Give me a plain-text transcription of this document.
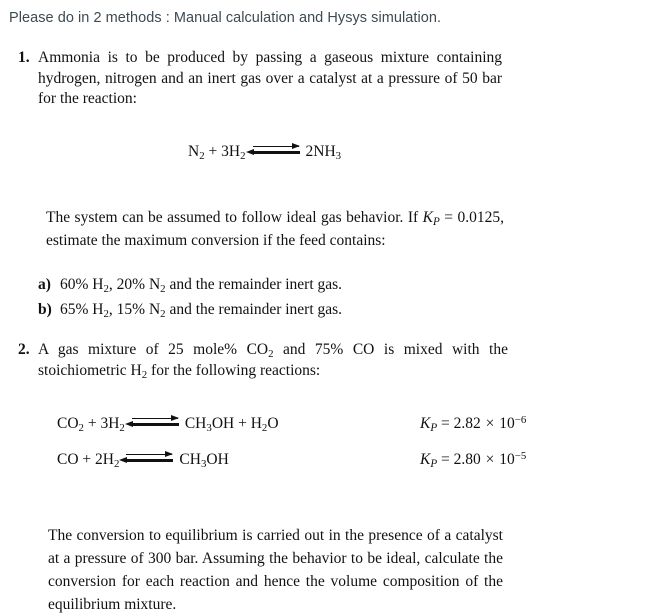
Please do in 2 methods : Manual calculation and Hysys simulation.
1. Ammonia is to be produced by passing a gaseous mixture containing hydrogen, nitrogen and an inert gas over a catalyst at a pressure of 50 bar for the reaction:

$N_2 + 3H_2$ ⇌ $2NH_3$

The system can be assumed to follow ideal gas behavior. If $K_P = 0.0125$, estimate the maximum conversion if the feed contains:

a) 60% $H_2$, 20% $N_2$ and the remainder inert gas.
b) 65% $H_2$, 15% $N_2$ and the remainder inert gas.
2. A gas mixture of 25 mole% $CO_2$ and 75% CO is mixed with the stoichiometric $H_2$ for the following reactions:

$CO_2 + 3H_2$ ⇌ $CH_3OH + H_2O$	$K_P = 2.82 \times 10^{-6}$
CO + $2H_2$ ⇌ $CH_3OH$	$K_P = 2.80 \times 10^{-5}$

The conversion to equilibrium is carried out in the presence of a catalyst at a pressure of 300 bar. Assuming the behavior to be ideal, calculate the conversion for each reaction and hence the volume composition of the equilibrium mixture.
